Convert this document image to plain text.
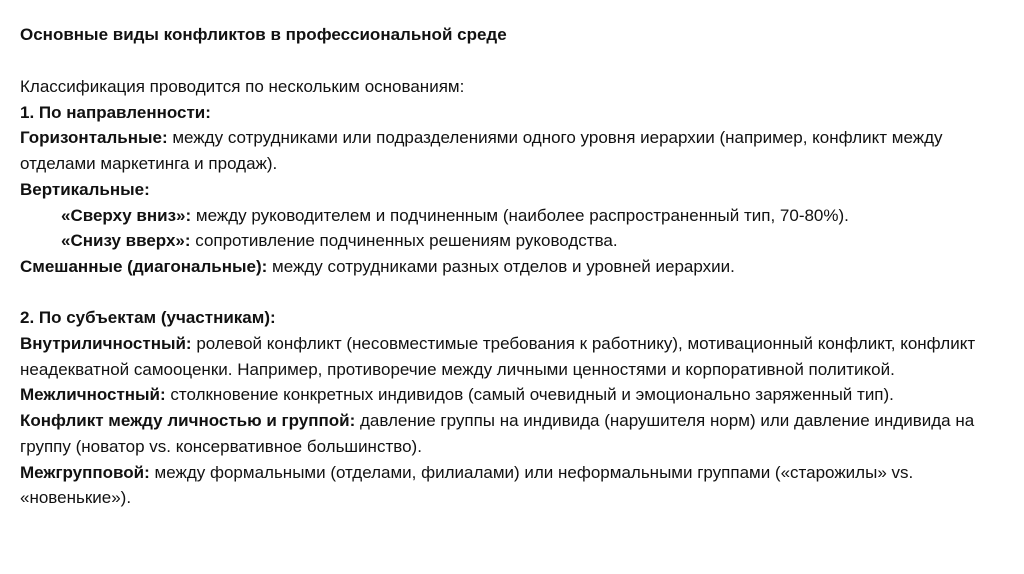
Основные виды конфликтов в профессиональной среде

Классификация проводится по нескольким основаниям:

1. По направленности:

Горизонтальные: между сотрудниками или подразделениями одного уровня иерархии (например, конфликт между отделами маркетинга и продаж).

Вертикальные:

«Сверху вниз»: между руководителем и подчиненным (наиболее распространенный тип, 70-80%).

«Снизу вверх»: сопротивление подчиненных решениям руководства.

Смешанные (диагональные): между сотрудниками разных отделов и уровней иерархии.

2. По субъектам (участникам):

Внутриличностный: ролевой конфликт (несовместимые требования к работнику), мотивационный конфликт, конфликт неадекватной самооценки. Например, противоречие между личными ценностями и корпоративной политикой.

Межличностный: столкновение конкретных индивидов (самый очевидный и эмоционально заряженный тип).

Конфликт между личностью и группой: давление группы на индивида (нарушителя норм) или давление индивида на группу (новатор vs. консервативное большинство).

Межгрупповой: между формальными (отделами, филиалами) или неформальными группами («старожилы» vs. «новенькие»).
